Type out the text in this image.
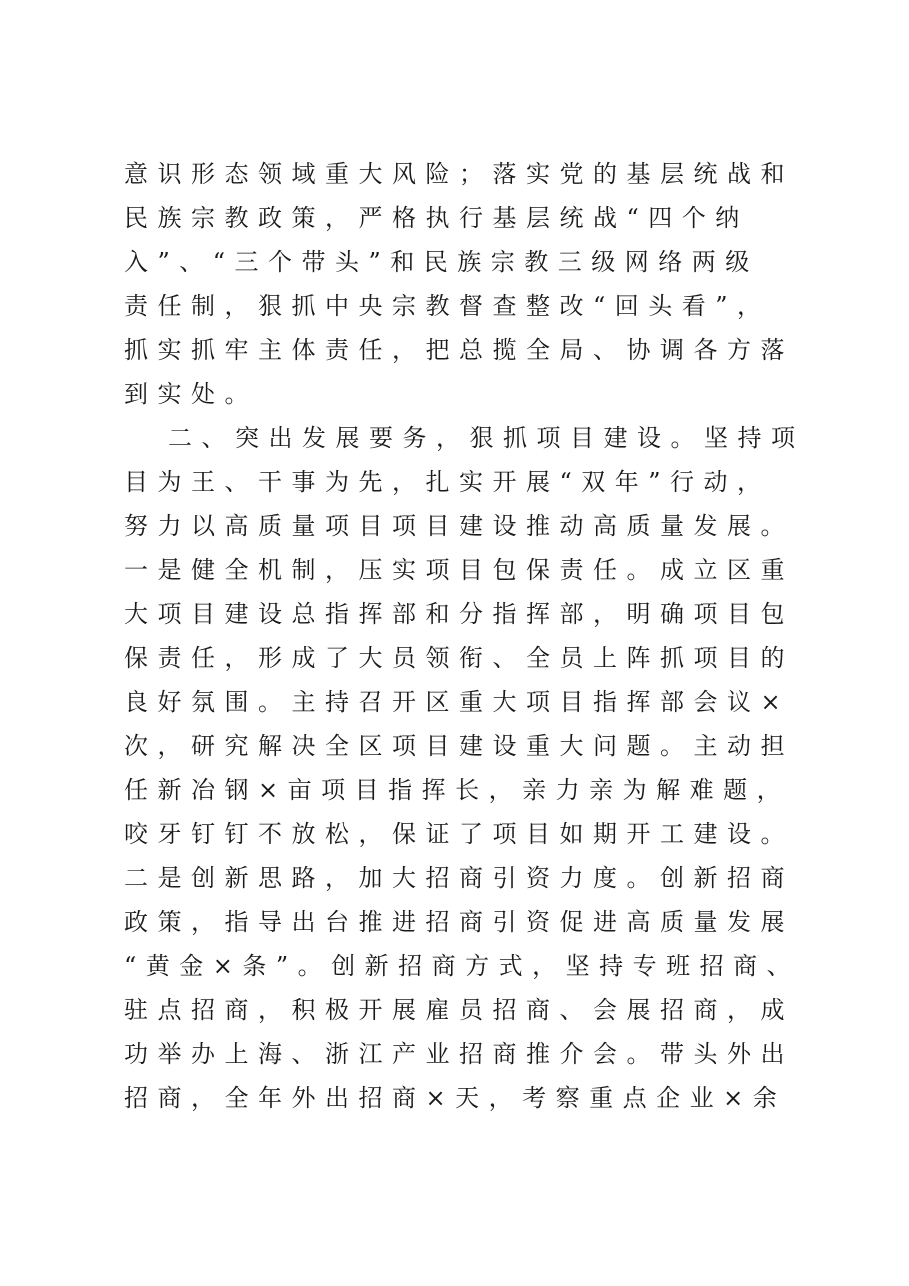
意识形态领域重大风险；落实党的基层统战和
民族宗教政策，严格执行基层统战“四个纳
入”、“三个带头”和民族宗教三级网络两级
责任制，狠抓中央宗教督查整改“回头看”，
抓实抓牢主体责任，把总揽全局、协调各方落
到实处。
二、突出发展要务，狠抓项目建设。坚持项
目为王、干事为先，扎实开展“双年”行动，
努力以高质量项目项目建设推动高质量发展。
一是健全机制，压实项目包保责任。成立区重
大项目建设总指挥部和分指挥部，明确项目包
保责任，形成了大员领衔、全员上阵抓项目的
良好氛围。主持召开区重大项目指挥部会议×
次，研究解决全区项目建设重大问题。主动担
任新冶钢×亩项目指挥长，亲力亲为解难题，
咬牙钉钉不放松，保证了项目如期开工建设。
二是创新思路，加大招商引资力度。创新招商
政策，指导出台推进招商引资促进高质量发展
“黄金×条”。创新招商方式，坚持专班招商、
驻点招商，积极开展雇员招商、会展招商，成
功举办上海、浙江产业招商推介会。带头外出
招商，全年外出招商×天，考察重点企业×余
